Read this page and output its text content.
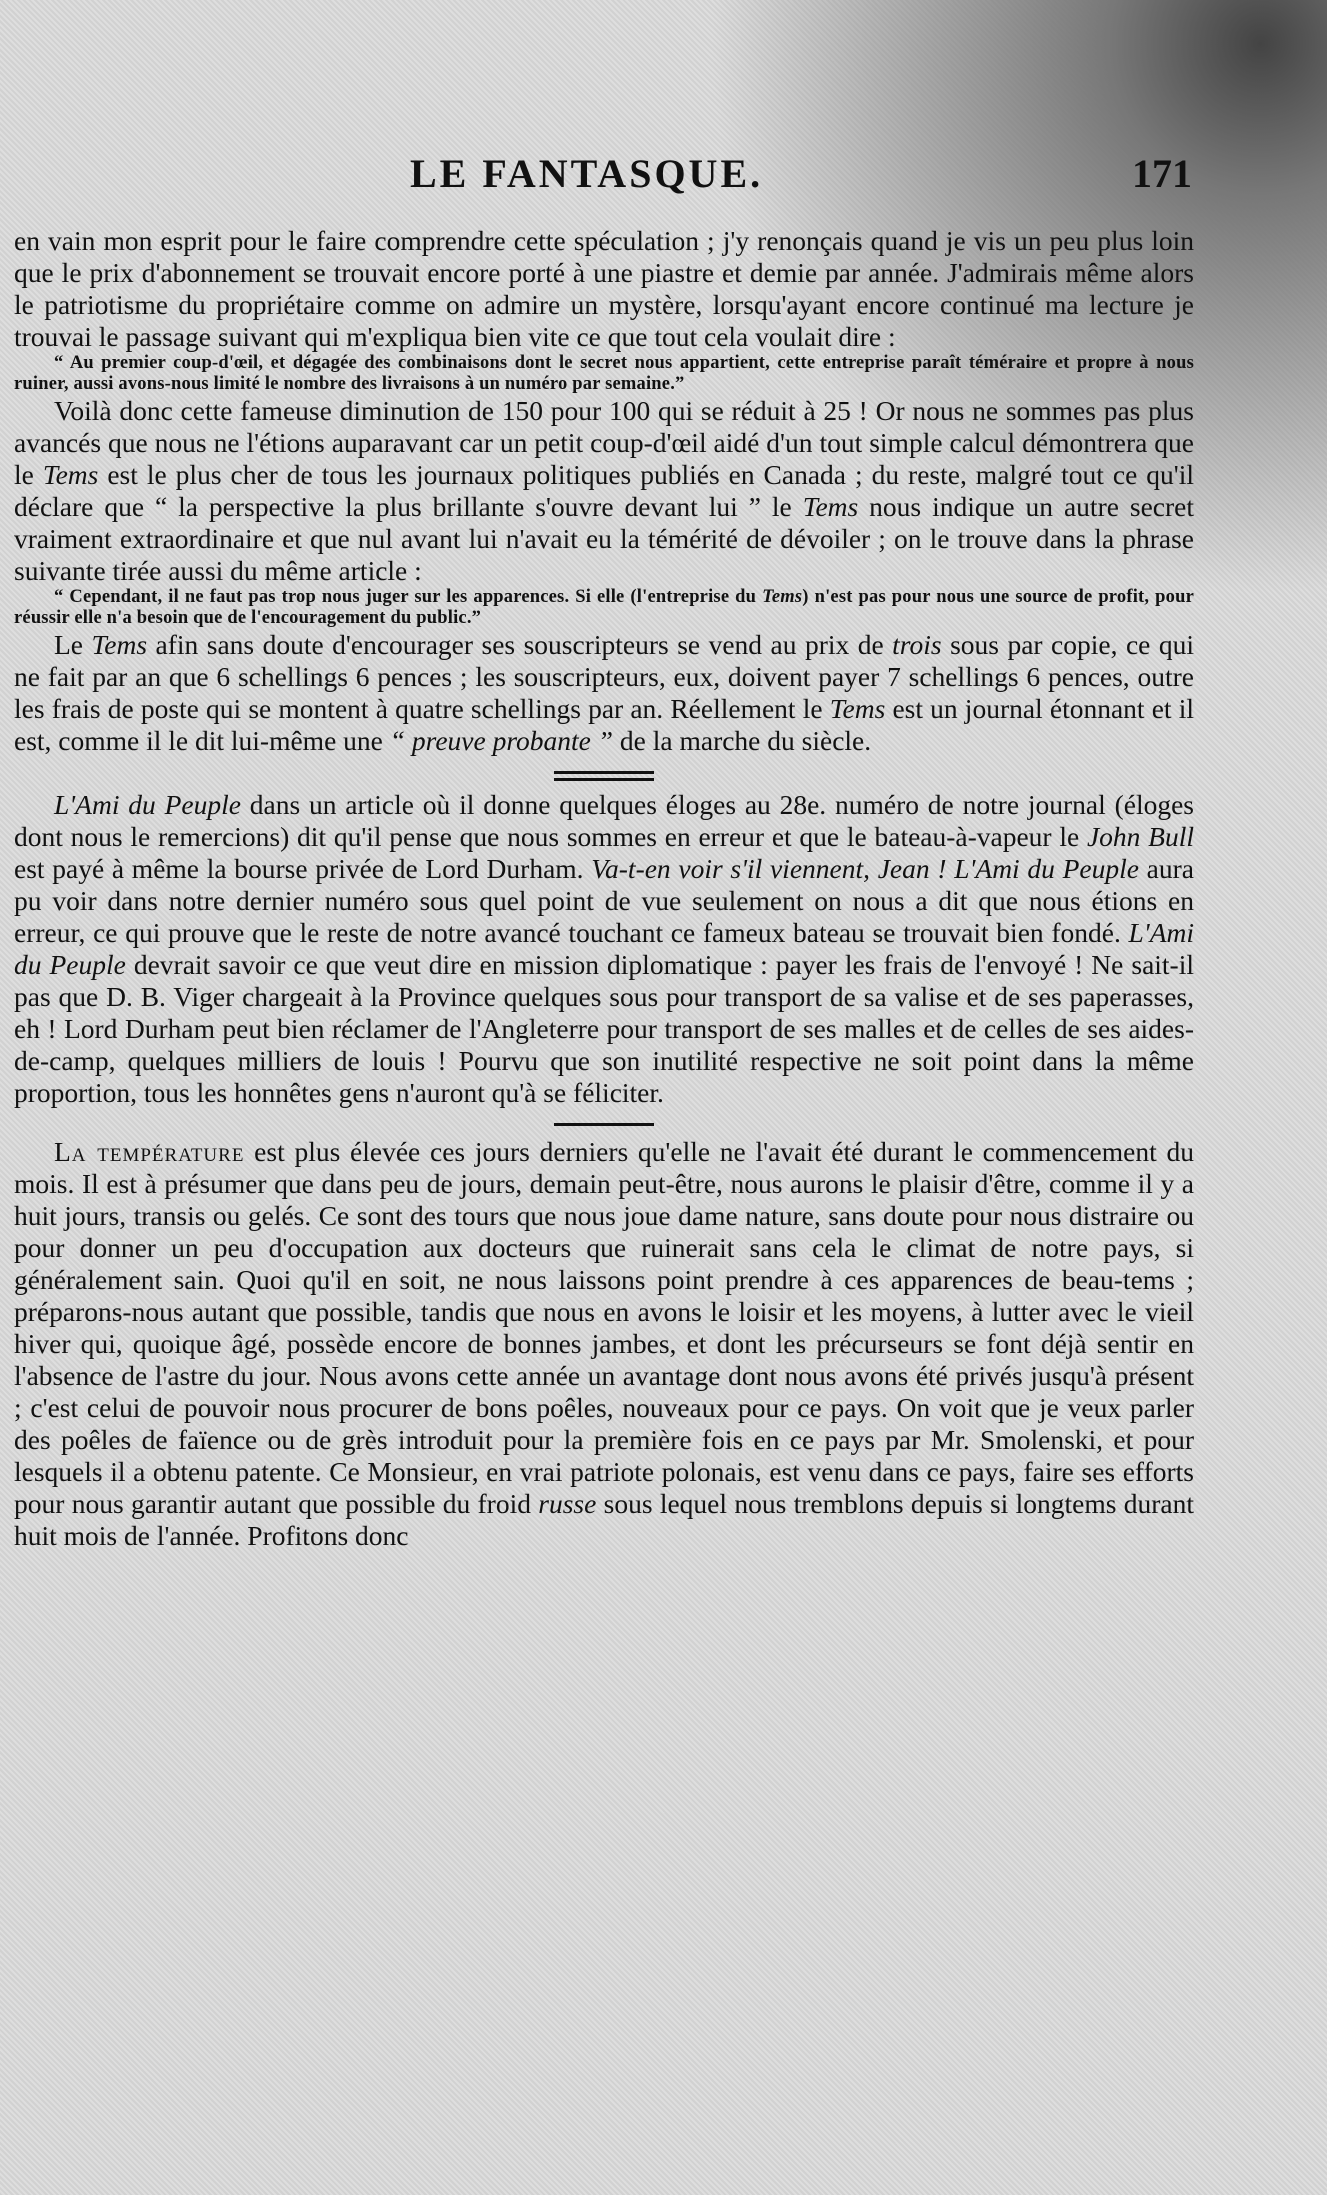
LE FANTASQUE.	171

en vain mon esprit pour le faire comprendre cette spéculation ; j'y renonçais quand je vis un peu plus loin que le prix d'abonnement se trouvait encore porté à une piastre et demie par année. J'admirais même alors le patriotisme du propriétaire comme on admire un mystère, lorsqu'ayant encore continué ma lecture je trouvai le passage suivant qui m'expliqua bien vite ce que tout cela voulait dire :

“ Au premier coup-d'œil, et dégagée des combinaisons dont le secret nous appartient, cette entreprise paraît téméraire et propre à nous ruiner, aussi avons-nous limité le nombre des livraisons à un numéro par semaine.”

Voilà donc cette fameuse diminution de 150 pour 100 qui se réduit à 25 ! Or nous ne sommes pas plus avancés que nous ne l'étions auparavant car un petit coup-d'œil aidé d'un tout simple calcul démontrera que le Tems est le plus cher de tous les journaux politiques publiés en Canada ; du reste, malgré tout ce qu'il déclare que “ la perspective la plus brillante s'ouvre devant lui ” le Tems nous indique un autre secret vraiment extraordinaire et que nul avant lui n'avait eu la témérité de dévoiler ; on le trouve dans la phrase suivante tirée aussi du même article :

“ Cependant, il ne faut pas trop nous juger sur les apparences. Si elle (l'entreprise du Tems) n'est pas pour nous une source de profit, pour réussir elle n'a besoin que de l'encouragement du public.”

Le Tems afin sans doute d'encourager ses souscripteurs se vend au prix de trois sous par copie, ce qui ne fait par an que 6 schellings 6 pences ; les souscripteurs, eux, doivent payer 7 schellings 6 pences, outre les frais de poste qui se montent à quatre schellings par an. Réellement le Tems est un journal étonnant et il est, comme il le dit lui-même une “ preuve probante ” de la marche du siècle.

L'Ami du Peuple dans un article où il donne quelques éloges au 28e. numéro de notre journal (éloges dont nous le remercions) dit qu'il pense que nous sommes en erreur et que le bateau-à-vapeur le John Bull est payé à même la bourse privée de Lord Durham. Va-t-en voir s'il viennent, Jean ! L'Ami du Peuple aura pu voir dans notre dernier numéro sous quel point de vue seulement on nous a dit que nous étions en erreur, ce qui prouve que le reste de notre avancé touchant ce fameux bateau se trouvait bien fondé. L'Ami du Peuple devrait savoir ce que veut dire en mission diplomatique : payer les frais de l'envoyé ! Ne sait-il pas que D. B. Viger chargeait à la Province quelques sous pour transport de sa valise et de ses paperasses, eh ! Lord Durham peut bien réclamer de l'Angleterre pour transport de ses malles et de celles de ses aides-de-camp, quelques milliers de louis ! Pourvu que son inutilité respective ne soit point dans la même proportion, tous les honnêtes gens n'auront qu'à se féliciter.

La température est plus élevée ces jours derniers qu'elle ne l'avait été durant le commencement du mois. Il est à présumer que dans peu de jours, demain peut-être, nous aurons le plaisir d'être, comme il y a huit jours, transis ou gelés. Ce sont des tours que nous joue dame nature, sans doute pour nous distraire ou pour donner un peu d'occupation aux docteurs que ruinerait sans cela le climat de notre pays, si généralement sain. Quoi qu'il en soit, ne nous laissons point prendre à ces apparences de beau-tems ; préparons-nous autant que possible, tandis que nous en avons le loisir et les moyens, à lutter avec le vieil hiver qui, quoique âgé, possède encore de bonnes jambes, et dont les précurseurs se font déjà sentir en l'absence de l'astre du jour. Nous avons cette année un avantage dont nous avons été privés jusqu'à présent ; c'est celui de pouvoir nous procurer de bons poêles, nouveaux pour ce pays. On voit que je veux parler des poêles de faïence ou de grès introduit pour la première fois en ce pays par Mr. Smolenski, et pour lesquels il a obtenu patente. Ce Monsieur, en vrai patriote polonais, est venu dans ce pays, faire ses efforts pour nous garantir autant que possible du froid russe sous lequel nous tremblons depuis si longtems durant huit mois de l'année. Profitons donc
